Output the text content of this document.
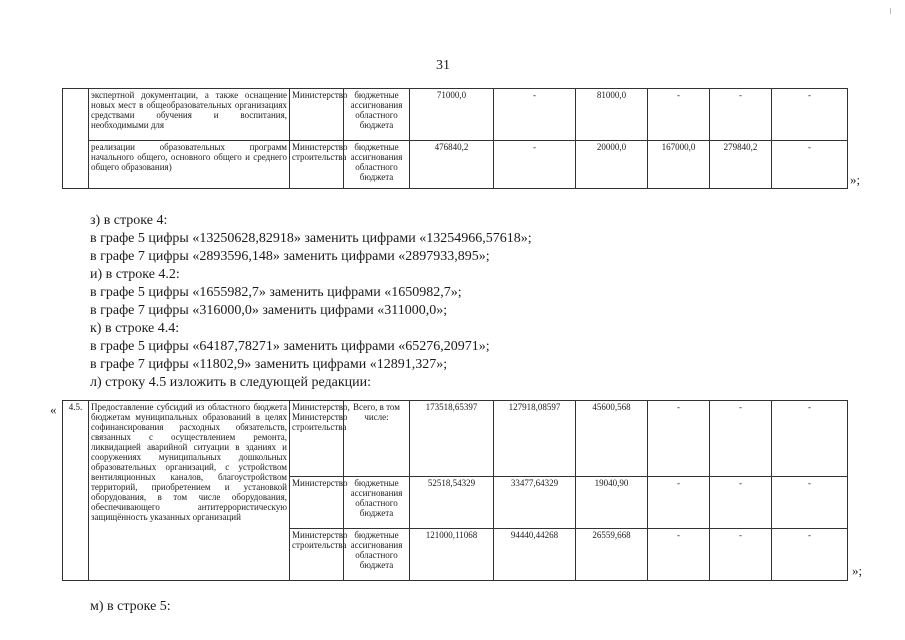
31
	экспертной документации, а также оснащение новых мест в общеобразовательных организациях средствами обучения и воспитания, необходимыми для	Министерство	бюджетные ассигнования областного бюджета	71000,0	-	81000,0	-	-	-
	реализации образовательных программ начального общего, основного общего и среднего общего образования)	Министерство строительства	бюджетные ассигнования областного бюджета	476840,2	-	20000,0	167000,0	279840,2	-
»;
з) в строке 4:
в графе 5 цифры «13250628,82918» заменить цифрами «13254966,57618»;
в графе 7 цифры «2893596,148» заменить цифрами «2897933,895»;
и) в строке 4.2:
в графе 5 цифры «1655982,7» заменить цифрами «1650982,7»;
в графе 7 цифры «316000,0» заменить цифрами «311000,0»;
к) в строке 4.4:
в графе 5 цифры «64187,78271» заменить цифрами «65276,20971»;
в графе 7 цифры «11802,9» заменить цифрами «12891,327»;
л) строку 4.5 изложить в следующей редакции:
« 4.5.	Предоставление субсидий из областного бюджета бюджетам муниципальных образований в целях софинансирования расходных обязательств, связанных с осуществлением ремонта, ликвидацией аварийной ситуации в зданиях и сооружениях муниципальных дошкольных образовательных организаций, с устройством вентиляционных каналов, благоустройством территорий, приобретением и установкой оборудования, в том числе оборудования, обеспечивающего антитеррористическую защищённость указанных организаций	Министерство, Министерство строительства	Всего, в том числе:	173518,65397	127918,08597	45600,568	-	-	-
		Министерство	бюджетные ассигнования областного бюджета	52518,54329	33477,64329	19040,90	-	-	-
		Министерство строительства	бюджетные ассигнования областного бюджета	121000,11068	94440,44268	26559,668	-	-	-
»;
м) в строке 5:
